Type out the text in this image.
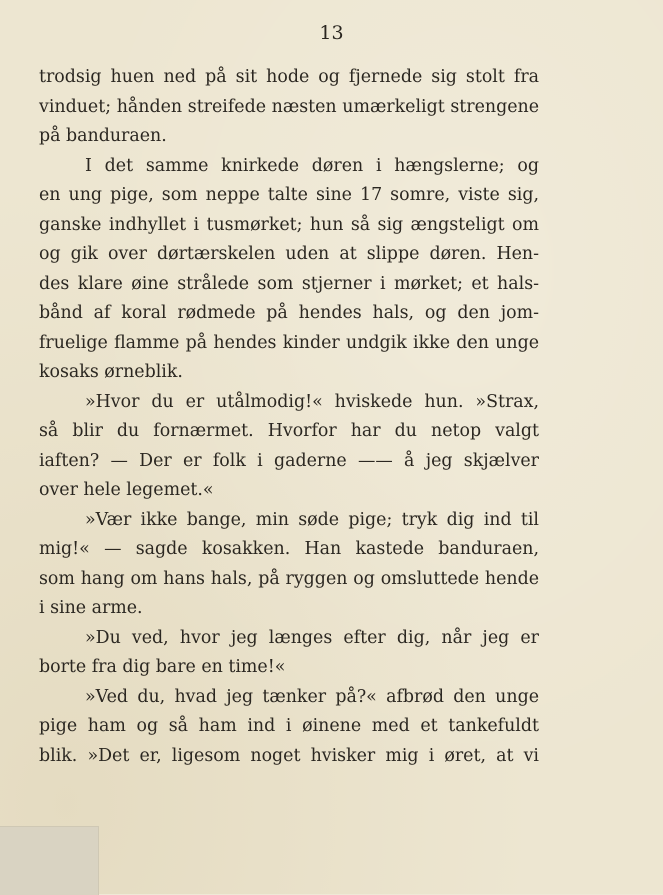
13
trodsig huen ned på sit hode og fjernede sig stolt fra
vinduet; hånden streifede næsten umærkeligt strengene
på banduraen.
I det samme knirkede døren i hængslerne; og
en ung pige, som neppe talte sine 17 somre, viste sig,
ganske indhyllet i tusmørket; hun så sig ængsteligt om
og gik over dørtærskelen uden at slippe døren. Hen-
des klare øine strålede som stjerner i mørket; et hals-
bånd af koral rødmede på hendes hals, og den jom-
fruelige flamme på hendes kinder undgik ikke den unge
kosaks ørneblik.
»Hvor du er utålmodig!« hviskede hun. »Strax,
så blir du fornærmet. Hvorfor har du netop valgt
iaften? — Der er folk i gaderne —— å jeg skjælver
over hele legemet.«
»Vær ikke bange, min søde pige; tryk dig ind til
mig!« — sagde kosakken. Han kastede banduraen,
som hang om hans hals, på ryggen og omsluttede hende
i sine arme.
»Du ved, hvor jeg længes efter dig, når jeg er
borte fra dig bare en time!«
»Ved du, hvad jeg tænker på?« afbrød den unge
pige ham og så ham ind i øinene med et tankefuldt
blik. »Det er, ligesom noget hvisker mig i øret, at vi
